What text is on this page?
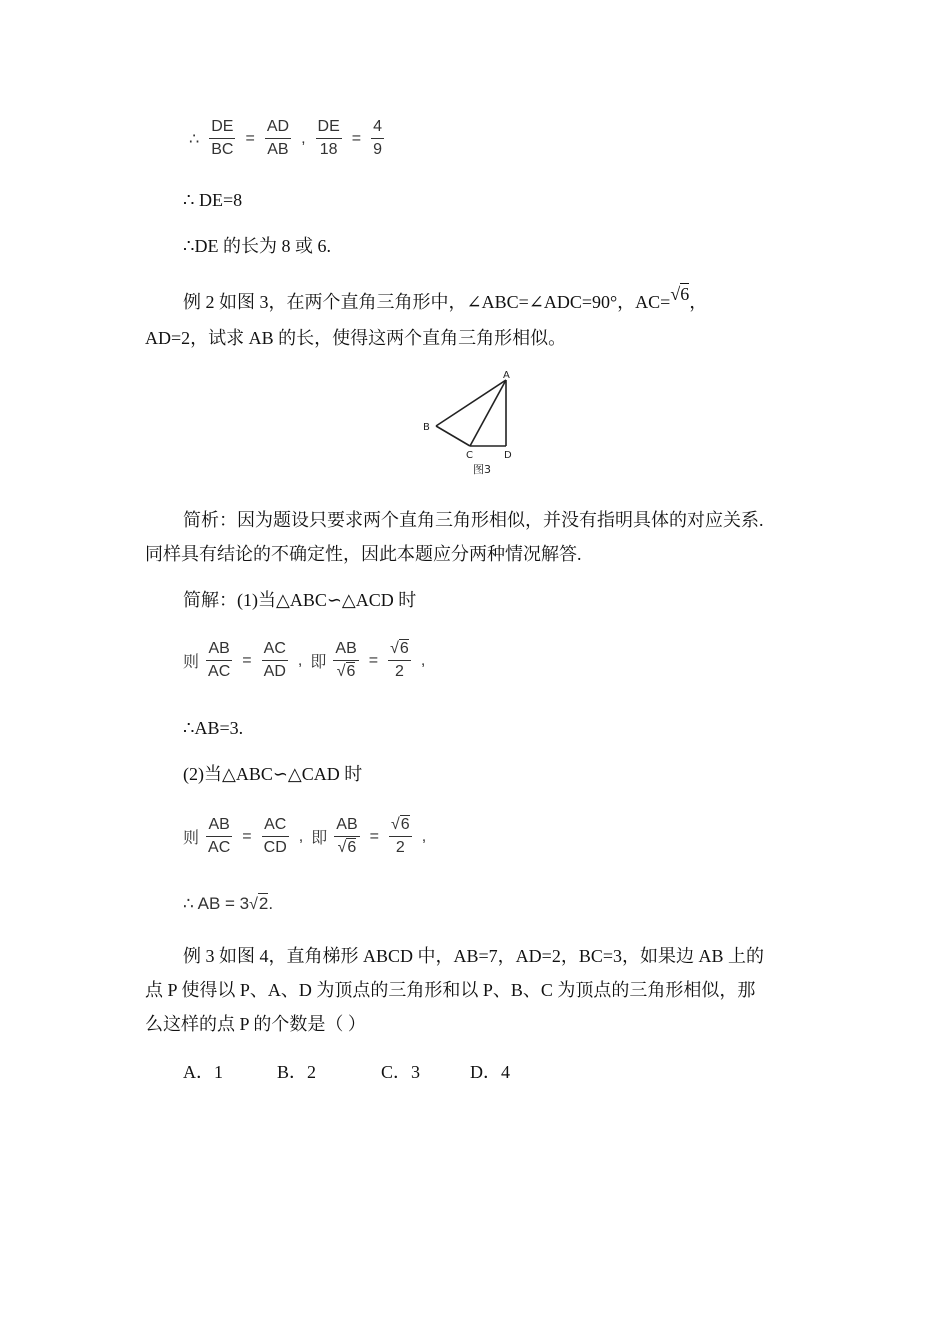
∴ $\frac{DE}{BC} = \frac{AD}{AB}$ , $\frac{DE}{18} = \frac{4}{9}$
∴ DE=8
∴DE 的长为 8 或 6.
例 2 如图 3，在两个直角三角形中，∠ABC=∠ADC=90°，AC=√6，
AD=2，试求 AB 的长，使得这两个直角三角形相似。
A
B
C	D
图3
简析：因为题设只要求两个直角三角形相似，并没有指明具体的对应关系.
同样具有结论的不确定性，因此本题应分两种情况解答.
简解：(1)当△ABC∽△ACD 时
则 $\frac{AB}{AC} = \frac{AC}{AD}$ , 即 $\frac{AB}{√6} = \frac{√6}{2}$ ,
∴AB=3.
(2)当△ABC∽△CAD 时
则 $\frac{AB}{AC} = \frac{AC}{CD}$ , 即 $\frac{AB}{√6} = \frac{√6}{2}$ ,
∴ AB = 3√2.
例 3 如图 4，直角梯形 ABCD 中，AB=7，AD=2，BC=3，如果边 AB 上的
点 P 使得以 P、A、D 为顶点的三角形和以 P、B、C 为顶点的三角形相似，那
么这样的点 P 的个数是（ ）
A．1	B．2	C．3	D．4
